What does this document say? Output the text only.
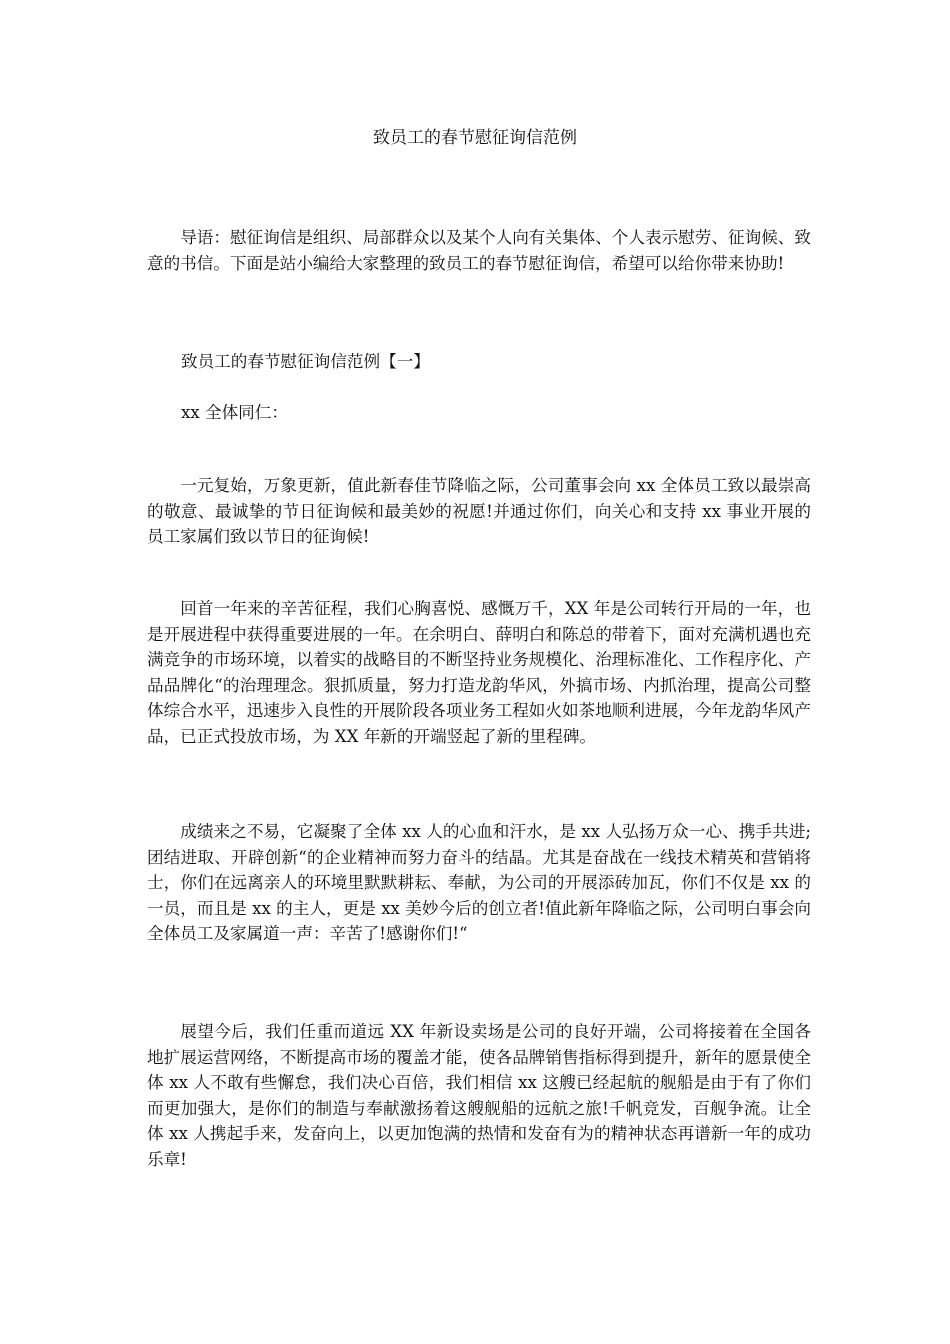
致员工的春节慰征询信范例

导语：慰征询信是组织、局部群众以及某个人向有关集体、个人表示慰劳、征询候、致意的书信。下面是站小编给大家整理的致员工的春节慰征询信，希望可以给你带来协助!

致员工的春节慰征询信范例【一】
xx 全体同仁：

一元复始，万象更新，值此新春佳节降临之际，公司董事会向 xx 全体员工致以最崇高的敬意、最诚挚的节日征询候和最美妙的祝愿!并通过你们，向关心和支持 xx 事业开展的员工家属们致以节日的征询候!

回首一年来的辛苦征程，我们心胸喜悦、感慨万千，XX 年是公司转行开局的一年，也是开展进程中获得重要进展的一年。在余明白、薛明白和陈总的带着下，面对充满机遇也充满竞争的市场环境，以着实的战略目的不断坚持业务规模化、治理标准化、工作程序化、产品品牌化“的治理理念。狠抓质量，努力打造龙韵华风，外搞市场、内抓治理，提高公司整体综合水平，迅速步入良性的开展阶段各项业务工程如火如茶地顺利进展，今年龙韵华风产品，已正式投放市场，为 XX 年新的开端竖起了新的里程碑。

成绩来之不易，它凝聚了全体 xx 人的心血和汗水，是 xx 人弘扬万众一心、携手共进;团结进取、开辟创新“的企业精神而努力奋斗的结晶。尤其是奋战在一线技术精英和营销将士，你们在远离亲人的环境里默默耕耘、奉献，为公司的开展添砖加瓦，你们不仅是 xx 的一员，而且是 xx 的主人，更是 xx 美妙今后的创立者!值此新年降临之际，公司明白事会向全体员工及家属道一声：辛苦了!感谢你们!“

展望今后，我们任重而道远 XX 年新设卖场是公司的良好开端，公司将接着在全国各地扩展运营网络，不断提高市场的覆盖才能，使各品牌销售指标得到提升，新年的愿景使全体 xx 人不敢有些懈怠，我们决心百倍，我们相信 xx 这艘已经起航的舰船是由于有了你们而更加强大，是你们的制造与奉献激扬着这艘舰船的远航之旅!千帆竞发，百舰争流。让全体 xx 人携起手来，发奋向上，以更加饱满的热情和发奋有为的精神状态再谱新一年的成功乐章!
